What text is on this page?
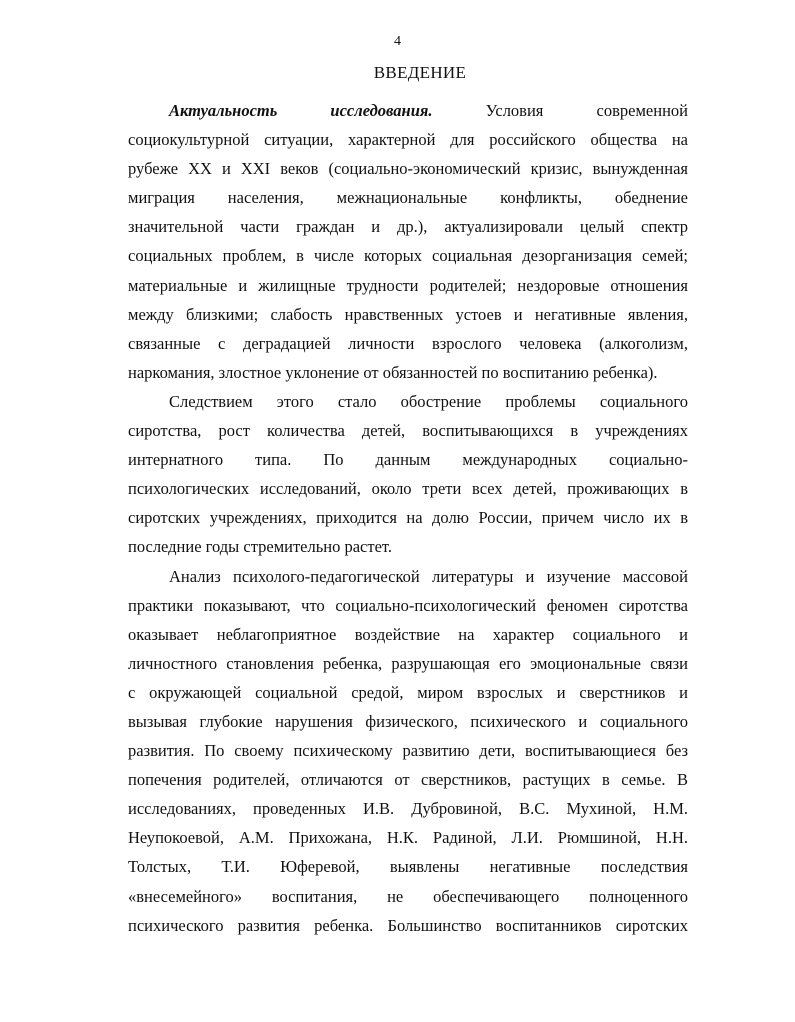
4
ВВЕДЕНИЕ
Актуальность	исследования.	Условия	современной
социокультурной ситуации, характерной для российского общества на
рубеже XX и XXI веков (социально-экономический кризис, вынужденная
миграция населения, межнациональные конфликты, обеднение
значительной части граждан и др.), актуализировали целый спектр
социальных проблем, в числе которых социальная дезорганизация семей;
материальные и жилищные трудности родителей; нездоровые отношения
между близкими; слабость нравственных устоев и негативные явления,
связанные с деградацией личности взрослого человека (алкоголизм,
наркомания, злостное уклонение от обязанностей по воспитанию ребенка).
Следствием этого стало обострение проблемы социального
сиротства, рост количества детей, воспитывающихся в учреждениях
интернатного типа. По данным международных социально-
психологических исследований, около трети всех детей, проживающих в
сиротских учреждениях, приходится на долю России, причем число их в
последние годы стремительно растет.
Анализ психолого-педагогической литературы и изучение массовой
практики показывают, что социально-психологический феномен сиротства
оказывает неблагоприятное воздействие на характер социального и
личностного становления ребенка, разрушающая его эмоциональные связи
с окружающей социальной средой, миром взрослых и сверстников и
вызывая глубокие нарушения физического, психического и социального
развития. По своему психическому развитию дети, воспитывающиеся без
попечения родителей, отличаются от сверстников, растущих в семье. В
исследованиях, проведенных И.В. Дубровиной, В.С. Мухиной, Н.М.
Неупокоевой, А.М. Прихожана, Н.К. Радиной, Л.И. Рюмшиной, Н.Н.
Толстых, Т.И. Юферевой, выявлены негативные последствия
«внесемейного» воспитания, не обеспечивающего полноценного
психического развития ребенка. Большинство воспитанников сиротских
